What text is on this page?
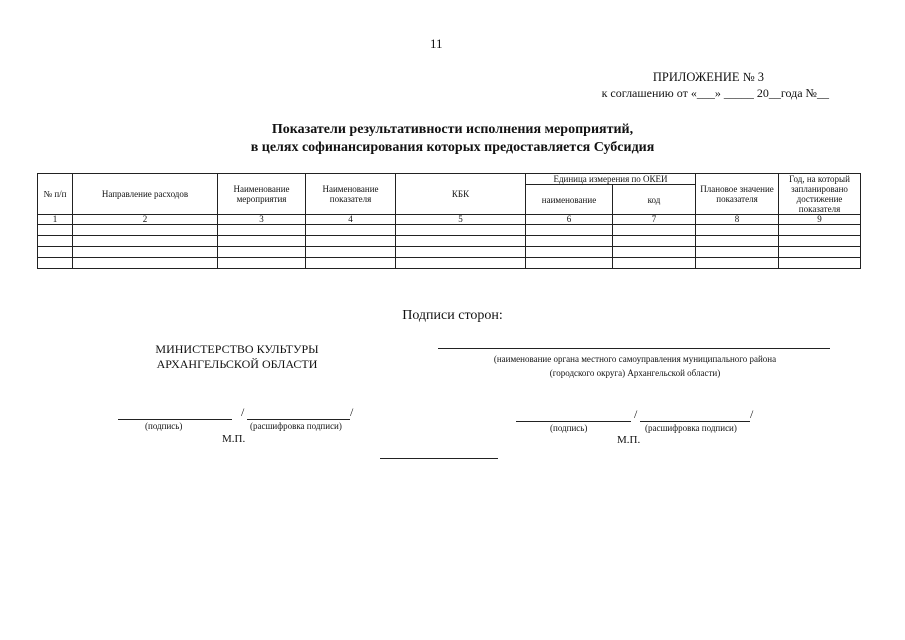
11
ПРИЛОЖЕНИЕ № 3
к соглашению от «___» _____ 20__года №__
Показатели результативности исполнения мероприятий,
в целях софинансирования которых предоставляется Субсидия
№ п/п	Направление расходов	Наименование мероприятия	Наименование показателя	КБК	Единица измерения по ОКЕИ		Плановое значение показателя	Год, на который запланировано достижение показателя
					наименование	код		
1	2	3	4	5	6	7	8	9

Подписи сторон:
МИНИСТЕРСТВО КУЛЬТУРЫ
АРХАНГЕЛЬСКОЙ ОБЛАСТИ	(наименование органа местного самоуправления муниципального района
(городского округа) Архангельской области)
/	/
(подпись)	(расшифровка подписи)
М.П.
/	/
(подпись)	(расшифровка подписи)
М.П.
